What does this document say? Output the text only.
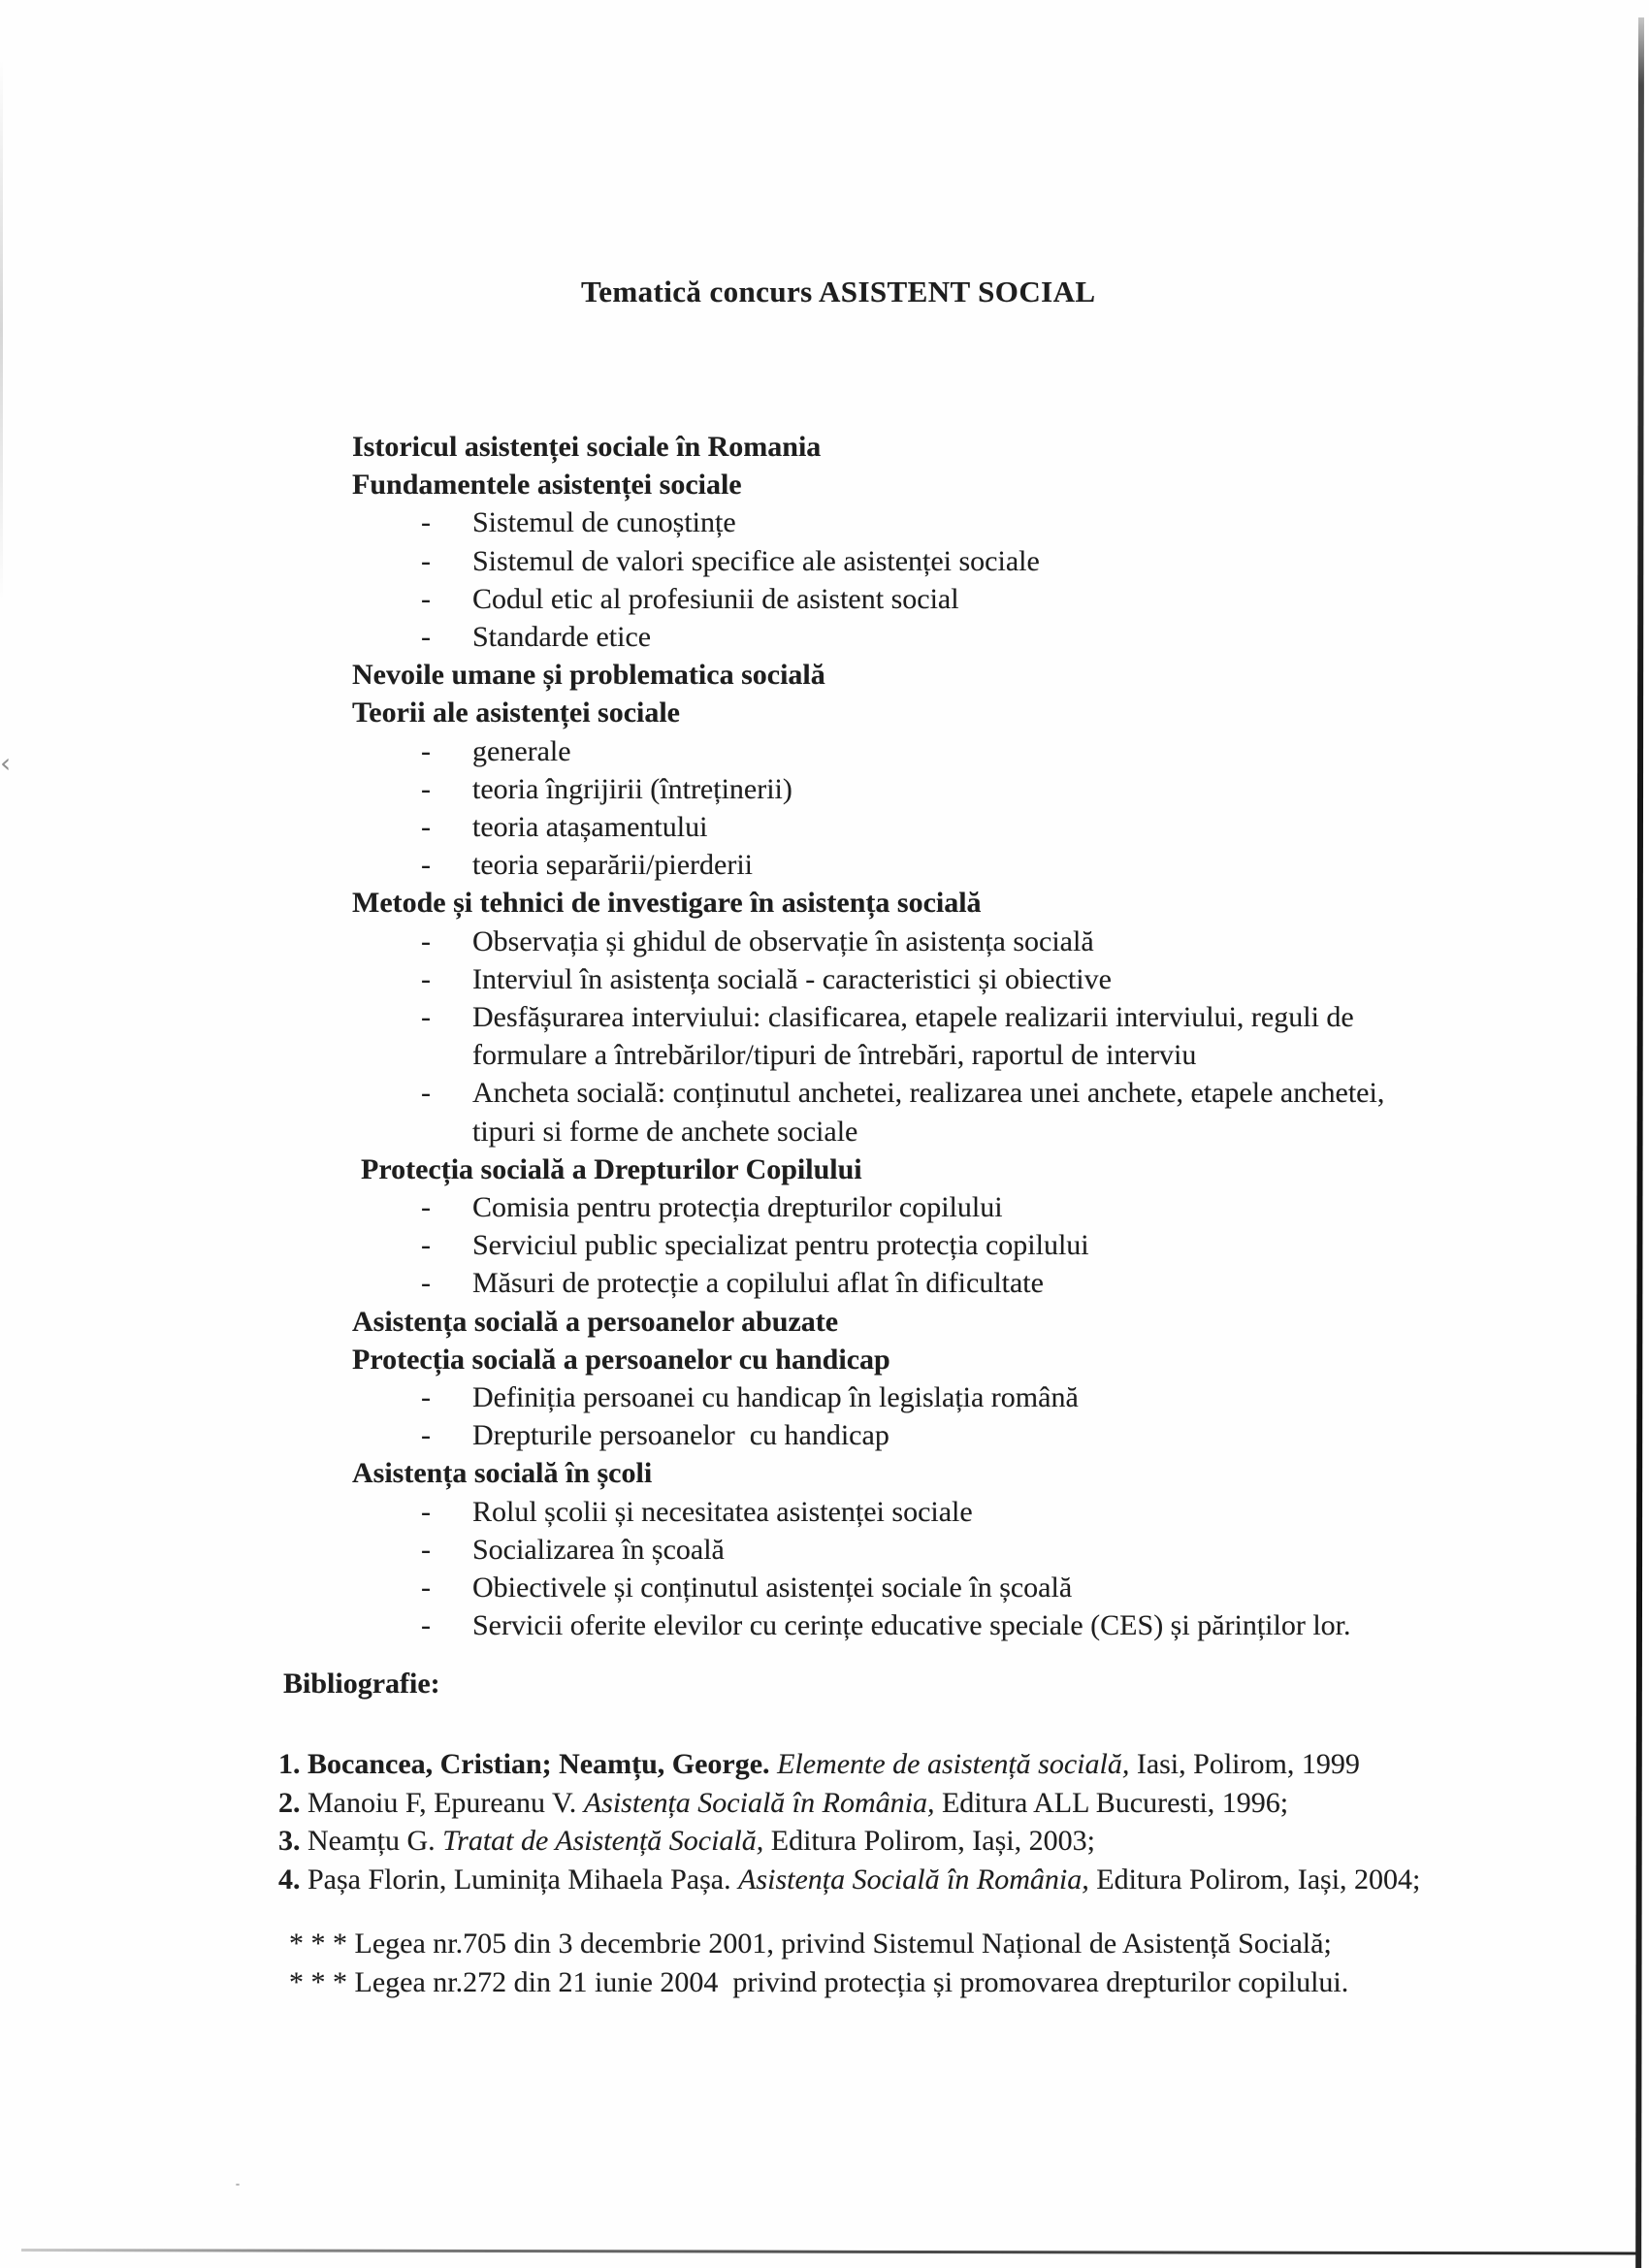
Tematică concurs ASISTENT SOCIAL
Istoricul asistenței sociale în Romania
Fundamentele asistenței sociale
-	Sistemul de cunoștințe
-	Sistemul de valori specifice ale asistenței sociale
-	Codul etic al profesiunii de asistent social
-	Standarde etice
Nevoile umane și problematica socială
Teorii ale asistenței sociale
-	generale
-	teoria îngrijirii (întreținerii)
-	teoria atașamentului
-	teoria separării/pierderii
Metode și tehnici de investigare în asistența socială
-	Observația și ghidul de observație în asistența socială
-	Interviul în asistența socială - caracteristici și obiective
-	Desfășurarea interviului: clasificarea, etapele realizarii interviului, reguli de
formulare a întrebărilor/tipuri de întrebări, raportul de interviu
-	Ancheta socială: conținutul anchetei, realizarea unei anchete, etapele anchetei,
tipuri si forme de anchete sociale
Protecția socială a Drepturilor Copilului
-	Comisia pentru protecția drepturilor copilului
-	Serviciul public specializat pentru protecția copilului
-	Măsuri de protecție a copilului aflat în dificultate
Asistența socială a persoanelor abuzate
Protecția socială a persoanelor cu handicap
-	Definiția persoanei cu handicap în legislația română
-	Drepturile persoanelor  cu handicap
Asistența socială în școli
-	Rolul școlii și necesitatea asistenței sociale
-	Socializarea în școală
-	Obiectivele și conținutul asistenței sociale în școală
-	Servicii oferite elevilor cu cerințe educative speciale (CES) și părinților lor.
Bibliografie:
1. Bocancea, Cristian; Neamțu, George. Elemente de asistență socială, Iasi, Polirom, 1999
2. Manoiu F, Epureanu V. Asistența Socială în România, Editura ALL Bucuresti, 1996;
3. Neamțu G. Tratat de Asistență Socială, Editura Polirom, Iași, 2003;
4. Pașa Florin, Luminița Mihaela Pașa. Asistența Socială în România, Editura Polirom, Iași, 2004;
* * * Legea nr.705 din 3 decembrie 2001, privind Sistemul Național de Asistență Socială;
* * * Legea nr.272 din 21 iunie 2004  privind protecția și promovarea drepturilor copilului.
‹
